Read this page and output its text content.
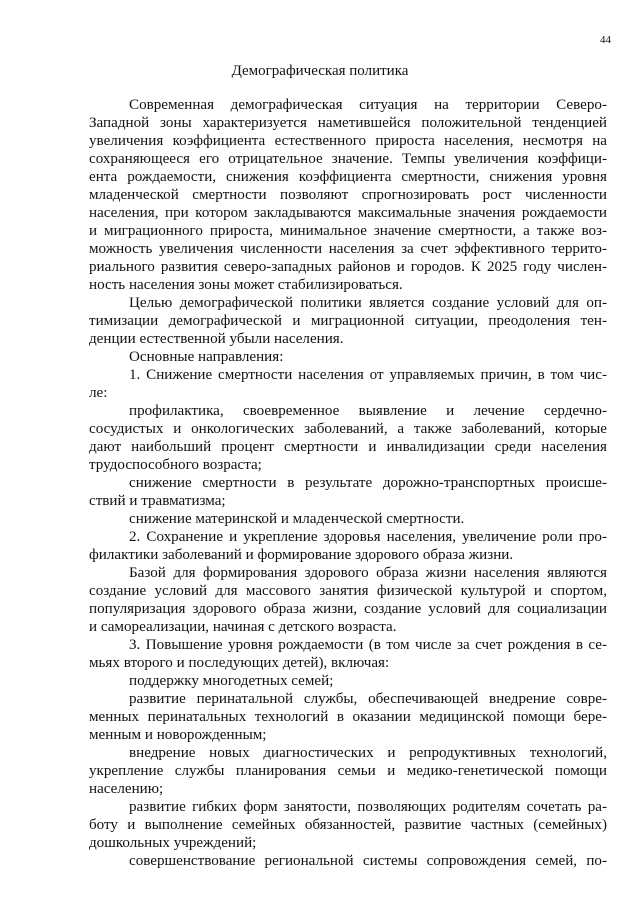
44
Демографическая политика

Современная демографическая ситуация на территории Северо-
Западной зоны характеризуется наметившейся положительной тенденцией
увеличения коэффициента естественного прироста населения, несмотря на
сохраняющееся его отрицательное значение. Темпы увеличения коэффици-
ента рождаемости, снижения коэффициента смертности, снижения уровня
младенческой смертности позволяют спрогнозировать рост численности
населения, при котором закладываются максимальные значения рождаемости
и миграционного прироста, минимальное значение смертности, а также воз-
можность увеличения численности населения за счет эффективного террито-
риального развития северо-западных районов и городов. К 2025 году числен-
ность населения зоны может стабилизироваться.

Целью демографической политики является создание условий для оп-
тимизации демографической и миграционной ситуации, преодоления тен-
денции естественной убыли населения.

Основные направления:

1. Снижение смертности населения от управляемых причин, в том чис-
ле:

профилактика, своевременное выявление и лечение сердечно-
сосудистых и онкологических заболеваний, а также заболеваний, которые
дают наибольший процент смертности и инвалидизации среди населения
трудоспособного возраста;

снижение смертности в результате дорожно-транспортных происше-
ствий и травматизма;

снижение материнской и младенческой смертности.

2. Сохранение и укрепление здоровья населения, увеличение роли про-
филактики заболеваний и формирование здорового образа жизни.

Базой для формирования здорового образа жизни населения являются
создание условий для массового занятия физической культурой и спортом,
популяризация здорового образа жизни, создание условий для социализации
и самореализации, начиная с детского возраста.

3. Повышение уровня рождаемости (в том числе за счет рождения в се-
мьях второго и последующих детей), включая:

поддержку многодетных семей;

развитие перинатальной службы, обеспечивающей внедрение совре-
менных перинатальных технологий в оказании медицинской помощи бере-
менным и новорожденным;

внедрение новых диагностических и репродуктивных технологий,
укрепление службы планирования семьи и медико-генетической помощи
населению;

развитие гибких форм занятости, позволяющих родителям сочетать ра-
боту и выполнение семейных обязанностей, развитие частных (семейных)
дошкольных учреждений;

совершенствование региональной системы сопровождения семей, по-
